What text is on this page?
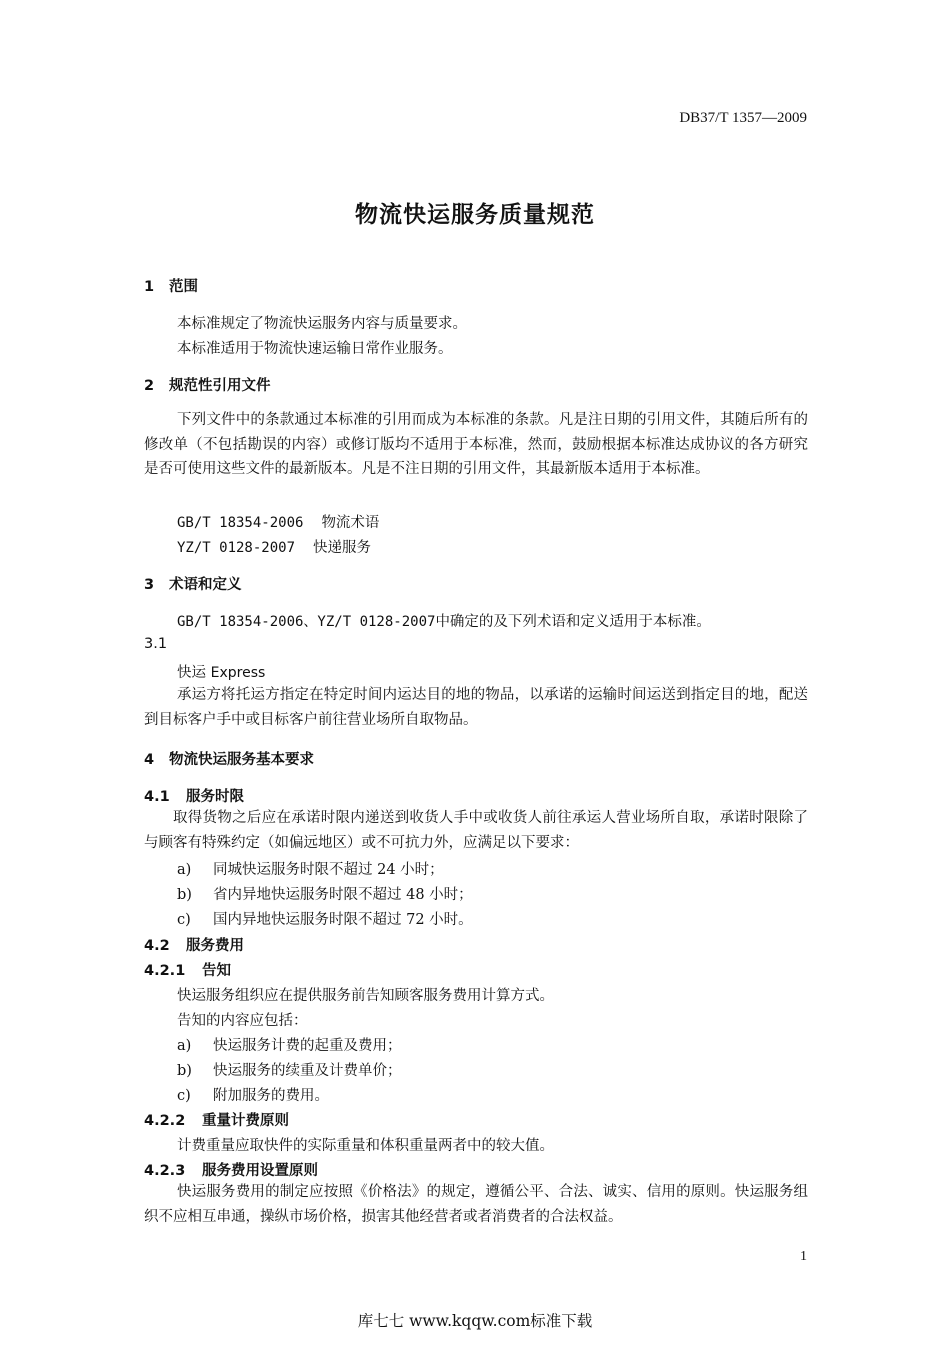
DB37/T 1357—2009
物流快运服务质量规范
1 范围
本标准规定了物流快运服务内容与质量要求。
本标准适用于物流快速运输日常作业服务。
2 规范性引用文件
下列文件中的条款通过本标准的引用而成为本标准的条款。凡是注日期的引用文件，其随后所有的修改单（不包括勘误的内容）或修订版均不适用于本标准，然而，鼓励根据本标准达成协议的各方研究是否可使用这些文件的最新版本。凡是不注日期的引用文件，其最新版本适用于本标准。
GB/T 18354-2006 物流术语
YZ/T 0128-2007 快递服务
3 术语和定义
GB/T 18354-2006、YZ/T 0128-2007中确定的及下列术语和定义适用于本标准。
3.1
快运 Express
承运方将托运方指定在特定时间内运达目的地的物品，以承诺的运输时间运送到指定目的地，配送到目标客户手中或目标客户前往营业场所自取物品。
4 物流快运服务基本要求
4.1 服务时限
取得货物之后应在承诺时限内递送到收货人手中或收货人前往承运人营业场所自取，承诺时限除了与顾客有特殊约定（如偏远地区）或不可抗力外，应满足以下要求：
a) 同城快运服务时限不超过 24 小时；
b) 省内异地快运服务时限不超过 48 小时；
c) 国内异地快运服务时限不超过 72 小时。
4.2 服务费用
4.2.1 告知
快运服务组织应在提供服务前告知顾客服务费用计算方式。
告知的内容应包括：
a) 快运服务计费的起重及费用；
b) 快运服务的续重及计费单价；
c) 附加服务的费用。
4.2.2 重量计费原则
计费重量应取快件的实际重量和体积重量两者中的较大值。
4.2.3 服务费用设置原则
快运服务费用的制定应按照《价格法》的规定，遵循公平、合法、诚实、信用的原则。快运服务组织不应相互串通，操纵市场价格，损害其他经营者或者消费者的合法权益。
1
库七七 www.kqqw.com标准下载
